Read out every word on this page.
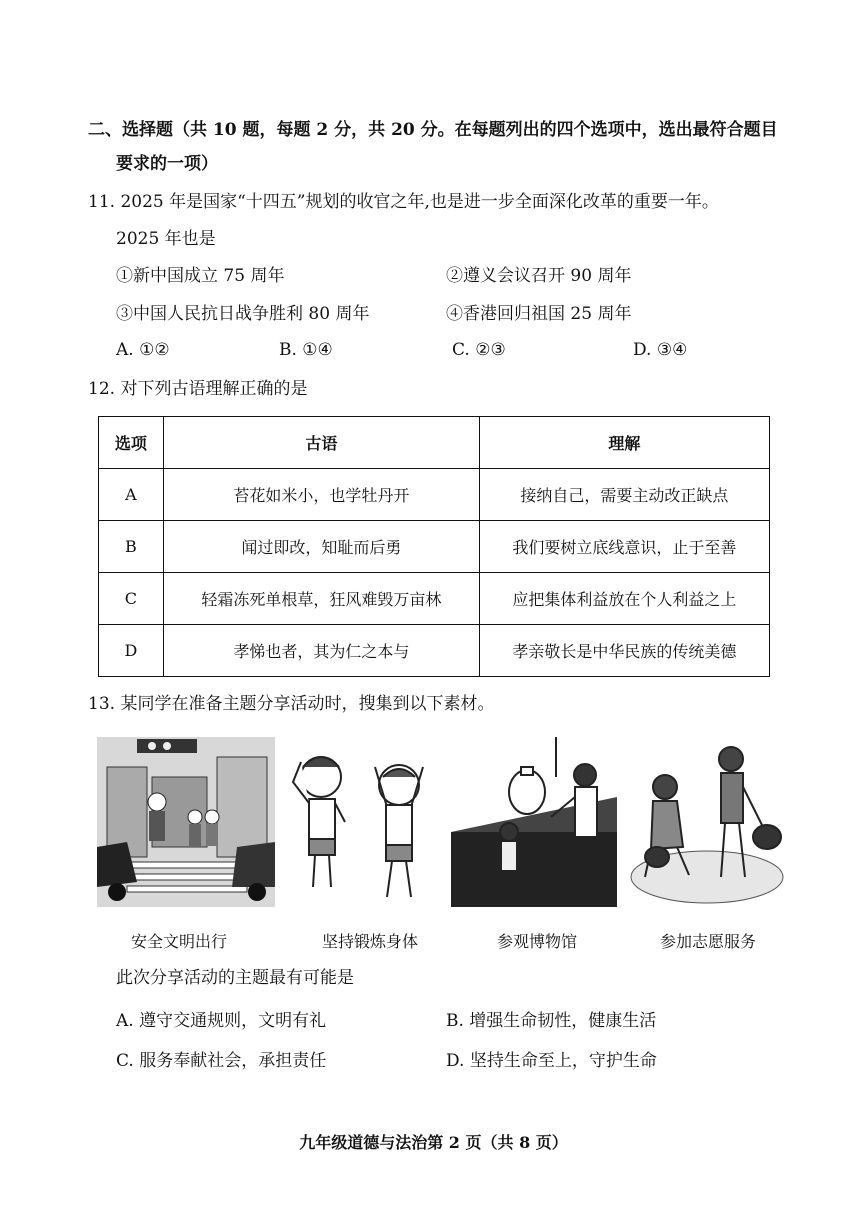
二、选择题（共 10 题，每题 2 分，共 20 分。在每题列出的四个选项中，选出最符合题目
要求的一项）
11. 2025 年是国家“十四五”规划的收官之年,也是进一步全面深化改革的重要一年。
2025 年也是
①新中国成立 75 周年	②遵义会议召开 90 周年
③中国人民抗日战争胜利 80 周年	④香港回归祖国 25 周年
A. ①②	B. ①④	C. ②③	D. ③④
12. 对下列古语理解正确的是
选项	古语	理解
A	苔花如米小，也学牡丹开	接纳自己，需要主动改正缺点
B	闻过即改，知耻而后勇	我们要树立底线意识，止于至善
C	轻霜冻死单根草，狂风难毁万亩林	应把集体利益放在个人利益之上
D	孝悌也者，其为仁之本与	孝亲敬长是中华民族的传统美德
13. 某同学在准备主题分享活动时，搜集到以下素材。
安全文明出行	坚持锻炼身体	参观博物馆	参加志愿服务
此次分享活动的主题最有可能是
A. 遵守交通规则，文明有礼	B. 增强生命韧性，健康生活
C. 服务奉献社会，承担责任	D. 坚持生命至上，守护生命
九年级道德与法治第 2 页（共 8 页）
